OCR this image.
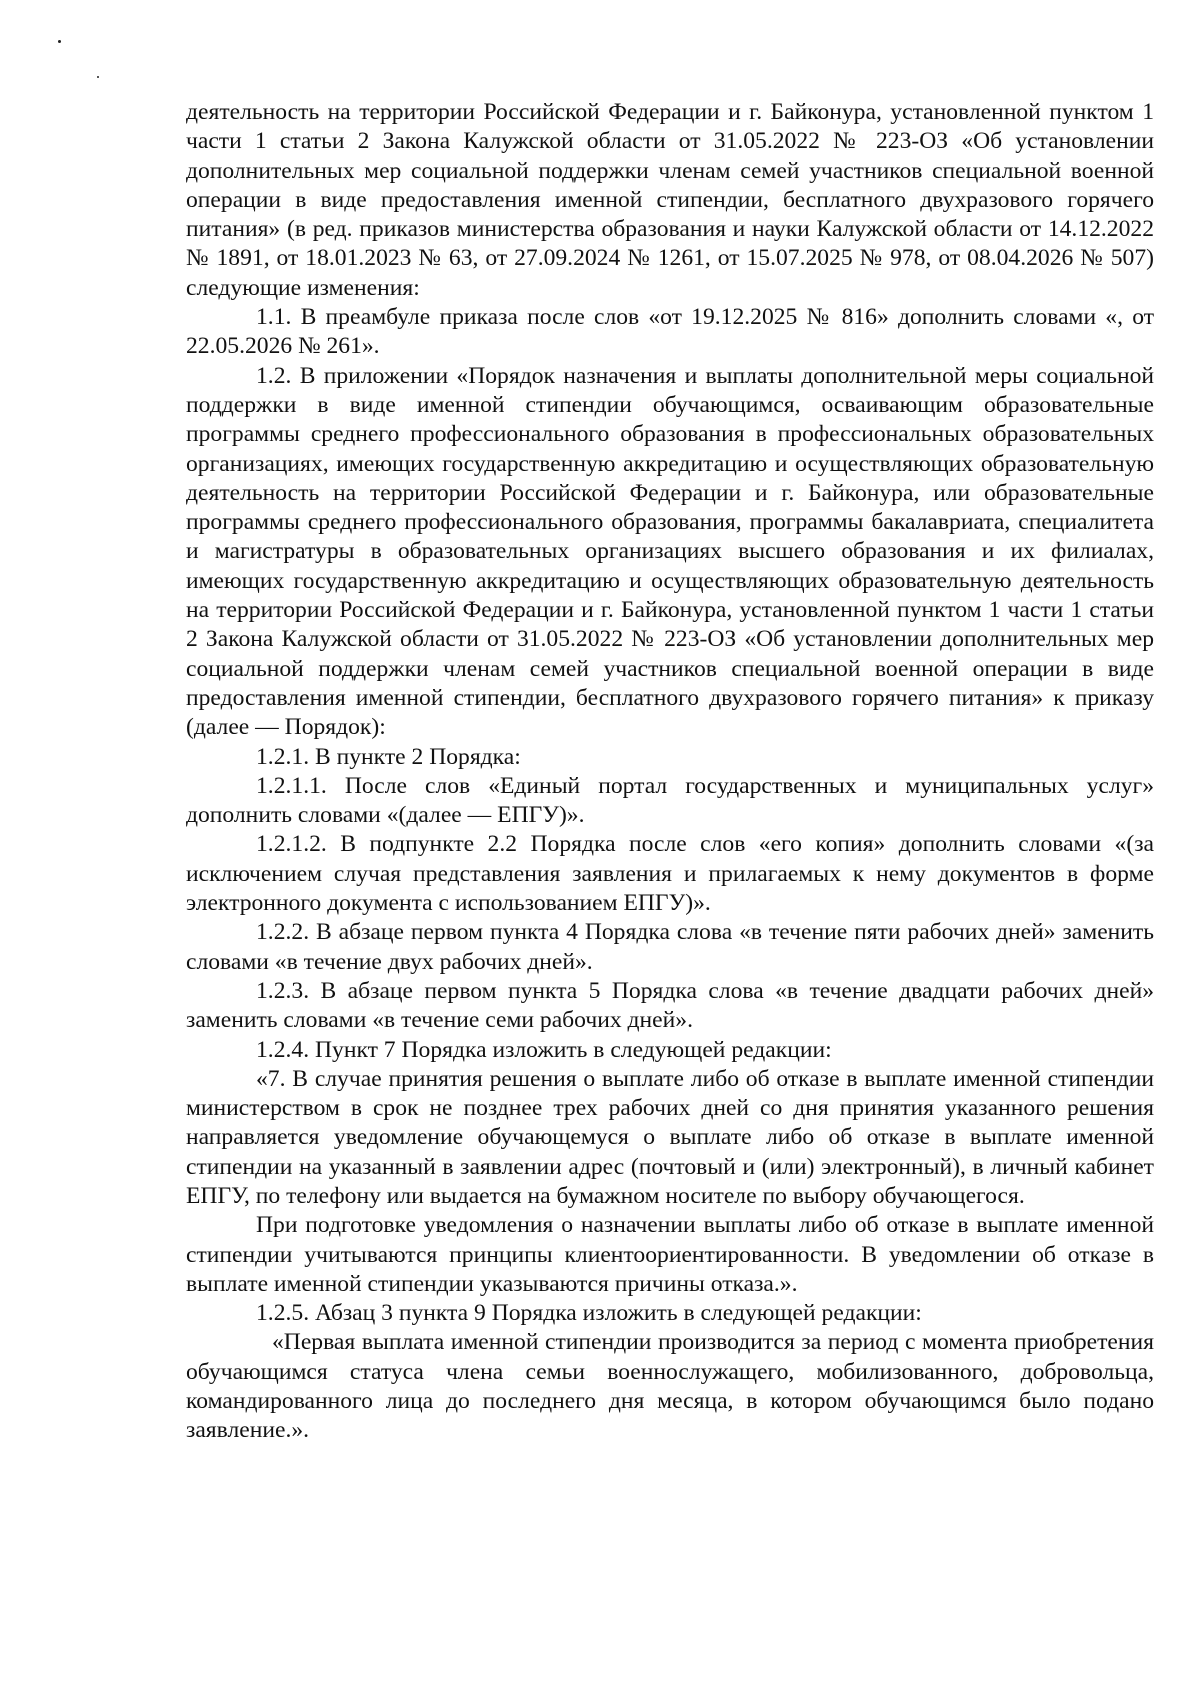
деятельность на территории Российской Федерации и г. Байконура, установленной пунктом 1 части 1 статьи 2 Закона Калужской области от 31.05.2022 № 223-ОЗ «Об установлении дополнительных мер социальной поддержки членам семей участников специальной военной операции в виде предоставления именной стипендии, бесплатного двухразового горячего питания» (в ред. приказов министерства образования и науки Калужской области от 14.12.2022 № 1891, от 18.01.2023 № 63, от 27.09.2024 № 1261, от 15.07.2025 № 978, от 08.04.2026 № 507) следующие изменения:

1.1. В преамбуле приказа после слов «от 19.12.2025 № 816» дополнить словами «, от 22.05.2026 № 261».

1.2. В приложении «Порядок назначения и выплаты дополнительной меры социальной поддержки в виде именной стипендии обучающимся, осваивающим образовательные программы среднего профессионального образования в профессиональных образовательных организациях, имеющих государственную аккредитацию и осуществляющих образовательную деятельность на территории Российской Федерации и г. Байконура, или образовательные программы среднего профессионального образования, программы бакалавриата, специалитета и магистратуры в образовательных организациях высшего образования и их филиалах, имеющих государственную аккредитацию и осуществляющих образовательную деятельность на территории Российской Федерации и г. Байконура, установленной пунктом 1 части 1 статьи 2 Закона Калужской области от 31.05.2022 № 223-ОЗ «Об установлении дополнительных мер социальной поддержки членам семей участников специальной военной операции в виде предоставления именной стипендии, бесплатного двухразового горячего питания» к приказу (далее — Порядок):

1.2.1. В пункте 2 Порядка:

1.2.1.1. После слов «Единый портал государственных и муниципальных услуг» дополнить словами «(далее — ЕПГУ)».

1.2.1.2. В подпункте 2.2 Порядка после слов «его копия» дополнить словами «(за исключением случая представления заявления и прилагаемых к нему документов в форме электронного документа с использованием ЕПГУ)».

1.2.2. В абзаце первом пункта 4 Порядка слова «в течение пяти рабочих дней» заменить словами «в течение двух рабочих дней».

1.2.3. В абзаце первом пункта 5 Порядка слова «в течение двадцати рабочих дней» заменить словами «в течение семи рабочих дней».

1.2.4. Пункт 7 Порядка изложить в следующей редакции:

«7. В случае принятия решения о выплате либо об отказе в выплате именной стипендии министерством в срок не позднее трех рабочих дней со дня принятия указанного решения направляется уведомление обучающемуся о выплате либо об отказе в выплате именной стипендии на указанный в заявлении адрес (почтовый и (или) электронный), в личный кабинет ЕПГУ, по телефону или выдается на бумажном носителе по выбору обучающегося.

При подготовке уведомления о назначении выплаты либо об отказе в выплате именной стипендии учитываются принципы клиентоориентированности. В уведомлении об отказе в выплате именной стипендии указываются причины отказа.».

1.2.5. Абзац 3 пункта 9 Порядка изложить в следующей редакции:

«Первая выплата именной стипендии производится за период с момента приобретения обучающимся статуса члена семьи военнослужащего, мобилизованного, добровольца, командированного лица до последнего дня месяца, в котором обучающимся было подано заявление.».
